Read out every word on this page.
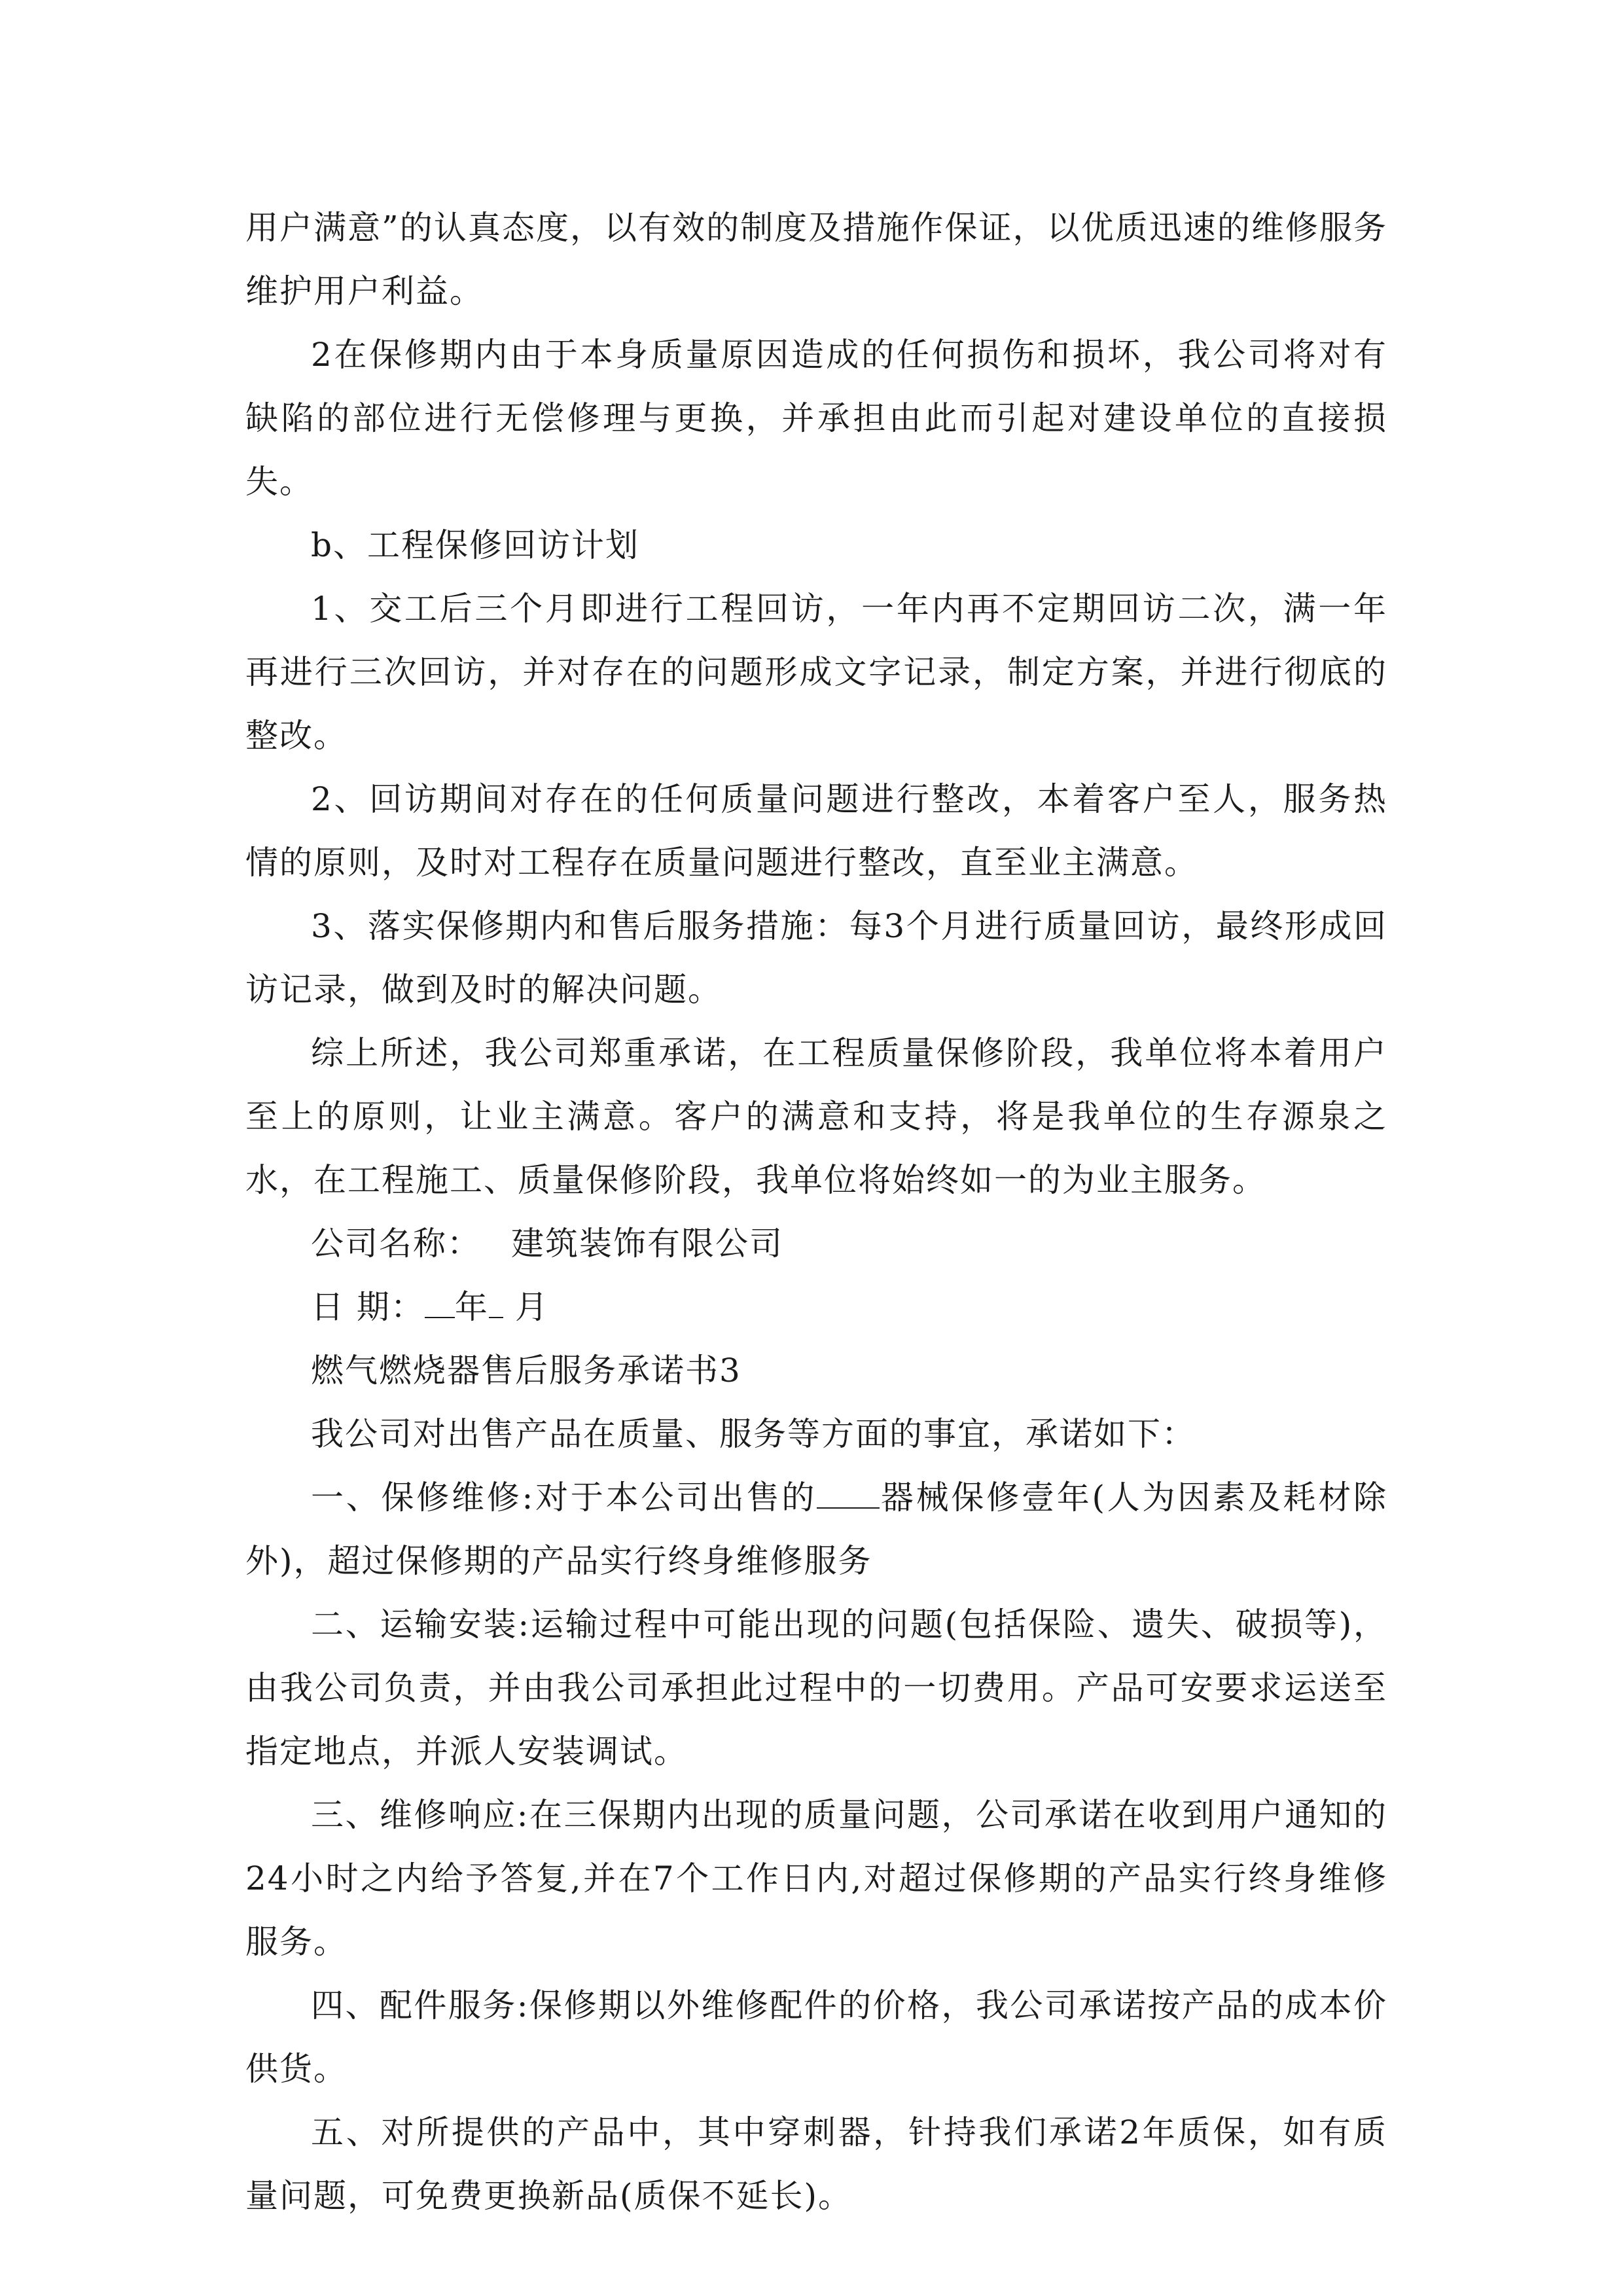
用户满意”的认真态度，以有效的制度及措施作保证，以优质迅速的维修服务维护用户利益。

2在保修期内由于本身质量原因造成的任何损伤和损坏，我公司将对有缺陷的部位进行无偿修理与更换，并承担由此而引起对建设单位的直接损失。

b、工程保修回访计划

1、交工后三个月即进行工程回访，一年内再不定期回访二次，满一年再进行三次回访，并对存在的问题形成文字记录，制定方案，并进行彻底的整改。

2、回访期间对存在的任何质量问题进行整改，本着客户至人，服务热情的原则，及时对工程存在质量问题进行整改，直至业主满意。

3、落实保修期内和售后服务措施：每3个月进行质量回访，最终形成回访记录，做到及时的解决问题。

综上所述，我公司郑重承诺，在工程质量保修阶段，我单位将本着用户至上的原则，让业主满意。客户的满意和支持，将是我单位的生存源泉之水，在工程施工、质量保修阶段，我单位将始终如一的为业主服务。

公司名称： 建筑装饰有限公司

日 期： 年 月

燃气燃烧器售后服务承诺书3

我公司对出售产品在质量、服务等方面的事宜，承诺如下：

一、保修维修:对于本公司出售的 器械保修壹年(人为因素及耗材除外)，超过保修期的产品实行终身维修服务

二、运输安装:运输过程中可能出现的问题(包括保险、遗失、破损等)，由我公司负责，并由我公司承担此过程中的一切费用。产品可安要求运送至指定地点，并派人安装调试。

三、维修响应:在三保期内出现的质量问题，公司承诺在收到用户通知的24小时之内给予答复,并在7个工作日内,对超过保修期的产品实行终身维修服务。

四、配件服务:保修期以外维修配件的价格，我公司承诺按产品的成本价供货。

五、对所提供的产品中，其中穿刺器，针持我们承诺2年质保，如有质量问题，可免费更换新品(质保不延长)。
